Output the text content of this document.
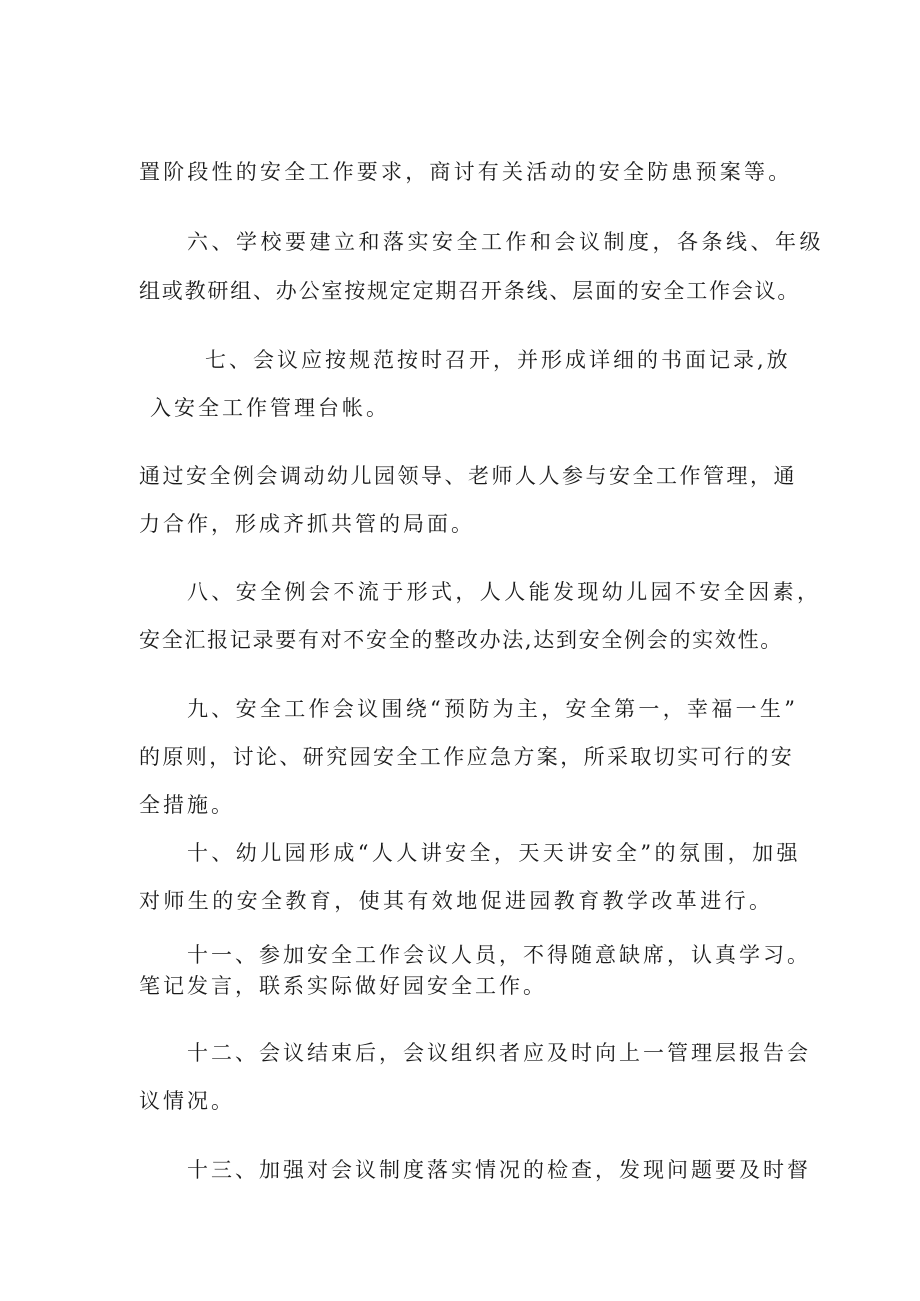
置阶段性的安全工作要求，商讨有关活动的安全防患预案等。
六、学校要建立和落实安全工作和会议制度，各条线、年级
组或教研组、办公室按规定定期召开条线、层面的安全工作会议。
七、会议应按规范按时召开，并形成详细的书面记录,放
入安全工作管理台帐。
通过安全例会调动幼儿园领导、老师人人参与安全工作管理，通
力合作，形成齐抓共管的局面。
八、安全例会不流于形式，人人能发现幼儿园不安全因素，
安全汇报记录要有对不安全的整改办法,达到安全例会的实效性。
九、安全工作会议围绕“预防为主，安全第一，幸福一生”
的原则，讨论、研究园安全工作应急方案，所采取切实可行的安
全措施。
十、幼儿园形成“人人讲安全，天天讲安全”的氛围，加强
对师生的安全教育，使其有效地促进园教育教学改革进行。
十一、参加安全工作会议人员，不得随意缺席，认真学习。
笔记发言，联系实际做好园安全工作。
十二、会议结束后，会议组织者应及时向上一管理层报告会
议情况。
十三、加强对会议制度落实情况的检查，发现问题要及时督
